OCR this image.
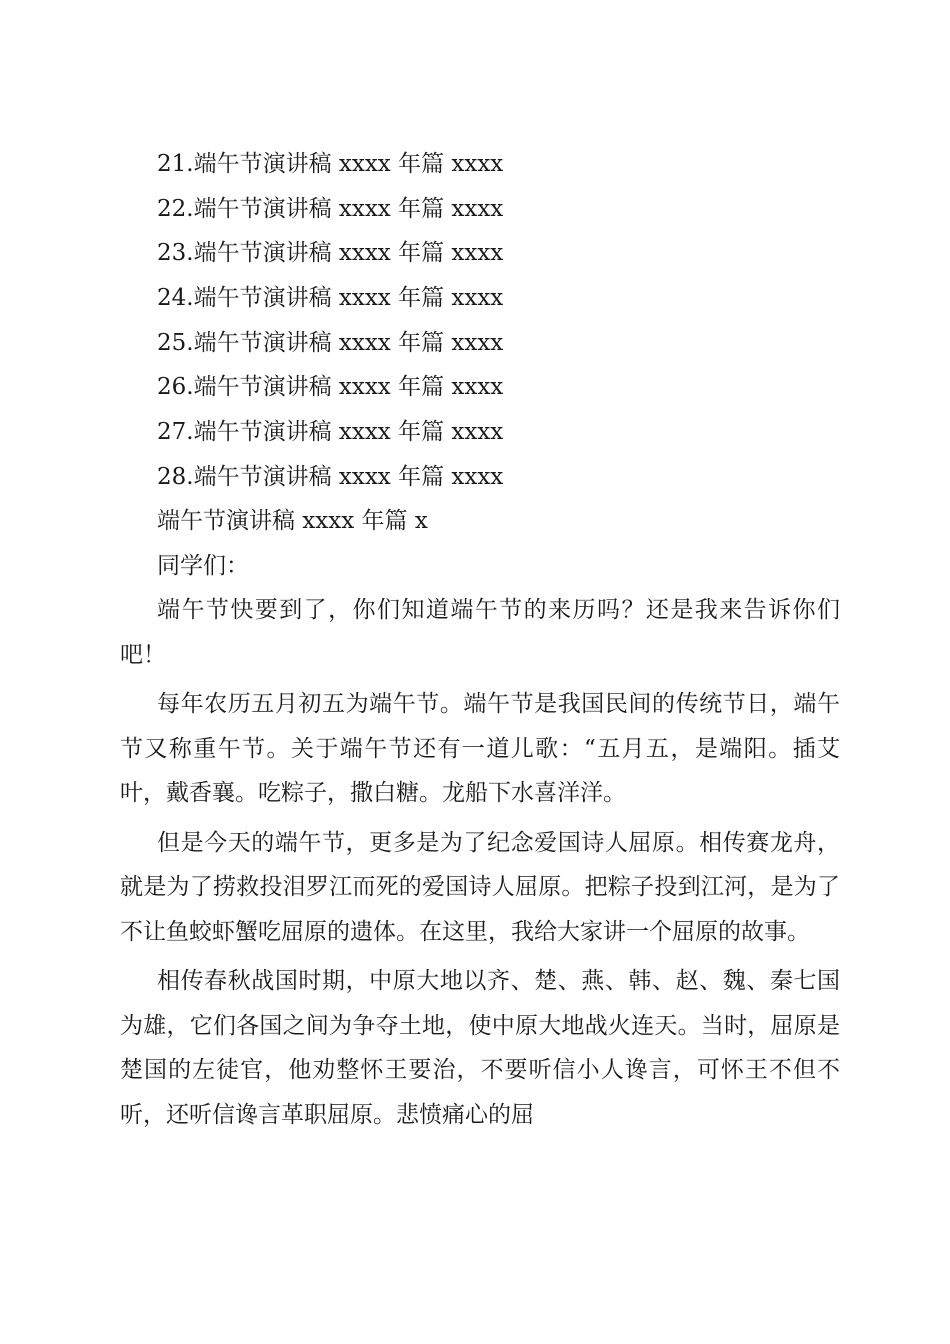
21.端午节演讲稿 xxxx 年篇 xxxx
22.端午节演讲稿 xxxx 年篇 xxxx
23.端午节演讲稿 xxxx 年篇 xxxx
24.端午节演讲稿 xxxx 年篇 xxxx
25.端午节演讲稿 xxxx 年篇 xxxx
26.端午节演讲稿 xxxx 年篇 xxxx
27.端午节演讲稿 xxxx 年篇 xxxx
28.端午节演讲稿 xxxx 年篇 xxxx
端午节演讲稿 xxxx 年篇 x
同学们：

端午节快要到了，你们知道端午节的来历吗？还是我来告诉你们吧！

每年农历五月初五为端午节。端午节是我国民间的传统节日，端午节又称重午节。关于端午节还有一道儿歌：“五月五，是端阳。插艾叶，戴香襄。吃粽子，撒白糖。龙船下水喜洋洋。

但是今天的端午节，更多是为了纪念爱国诗人屈原。相传赛龙舟，就是为了捞救投泪罗江而死的爱国诗人屈原。把粽子投到江河，是为了不让鱼蛟虾蟹吃屈原的遗体。在这里，我给大家讲一个屈原的故事。

相传春秋战国时期，中原大地以齐、楚、燕、韩、赵、魏、秦七国为雄，它们各国之间为争夺土地，使中原大地战火连天。当时，屈原是楚国的左徒官，他劝整怀王要治，不要听信小人谗言，可怀王不但不听，还听信谗言革职屈原。悲愤痛心的屈
